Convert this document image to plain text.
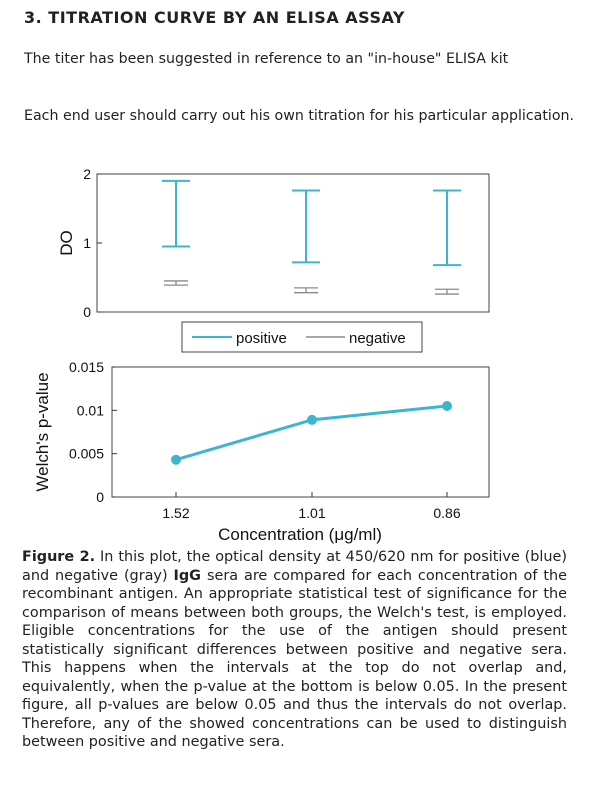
3. TITRATION CURVE BY AN ELISA ASSAY
The titer has been suggested in reference to an "in-house" ELISA kit
Each end user should carry out his own titration for his particular application.
0
1
2
DO
positive	negative
0
0.005
0.01
0.015
1.52	1.01	0.86
Welch's p-value
Concentration (μg/ml)
Figure 2. In this plot, the optical density at 450/620 nm for positive (blue) and negative (gray) IgG sera are compared for each concentration of the recombinant antigen. An appropriate statistical test of significance for the comparison of means between both groups, the Welch's test, is employed. Eligible concentrations for the use of the antigen should present statistically significant differences between positive and negative sera. This happens when the intervals at the top do not overlap and, equivalently, when the p-value at the bottom is below 0.05. In the present figure, all p-values are below 0.05 and thus the intervals do not overlap. Therefore, any of the showed concentrations can be used to distinguish between positive and negative sera.
